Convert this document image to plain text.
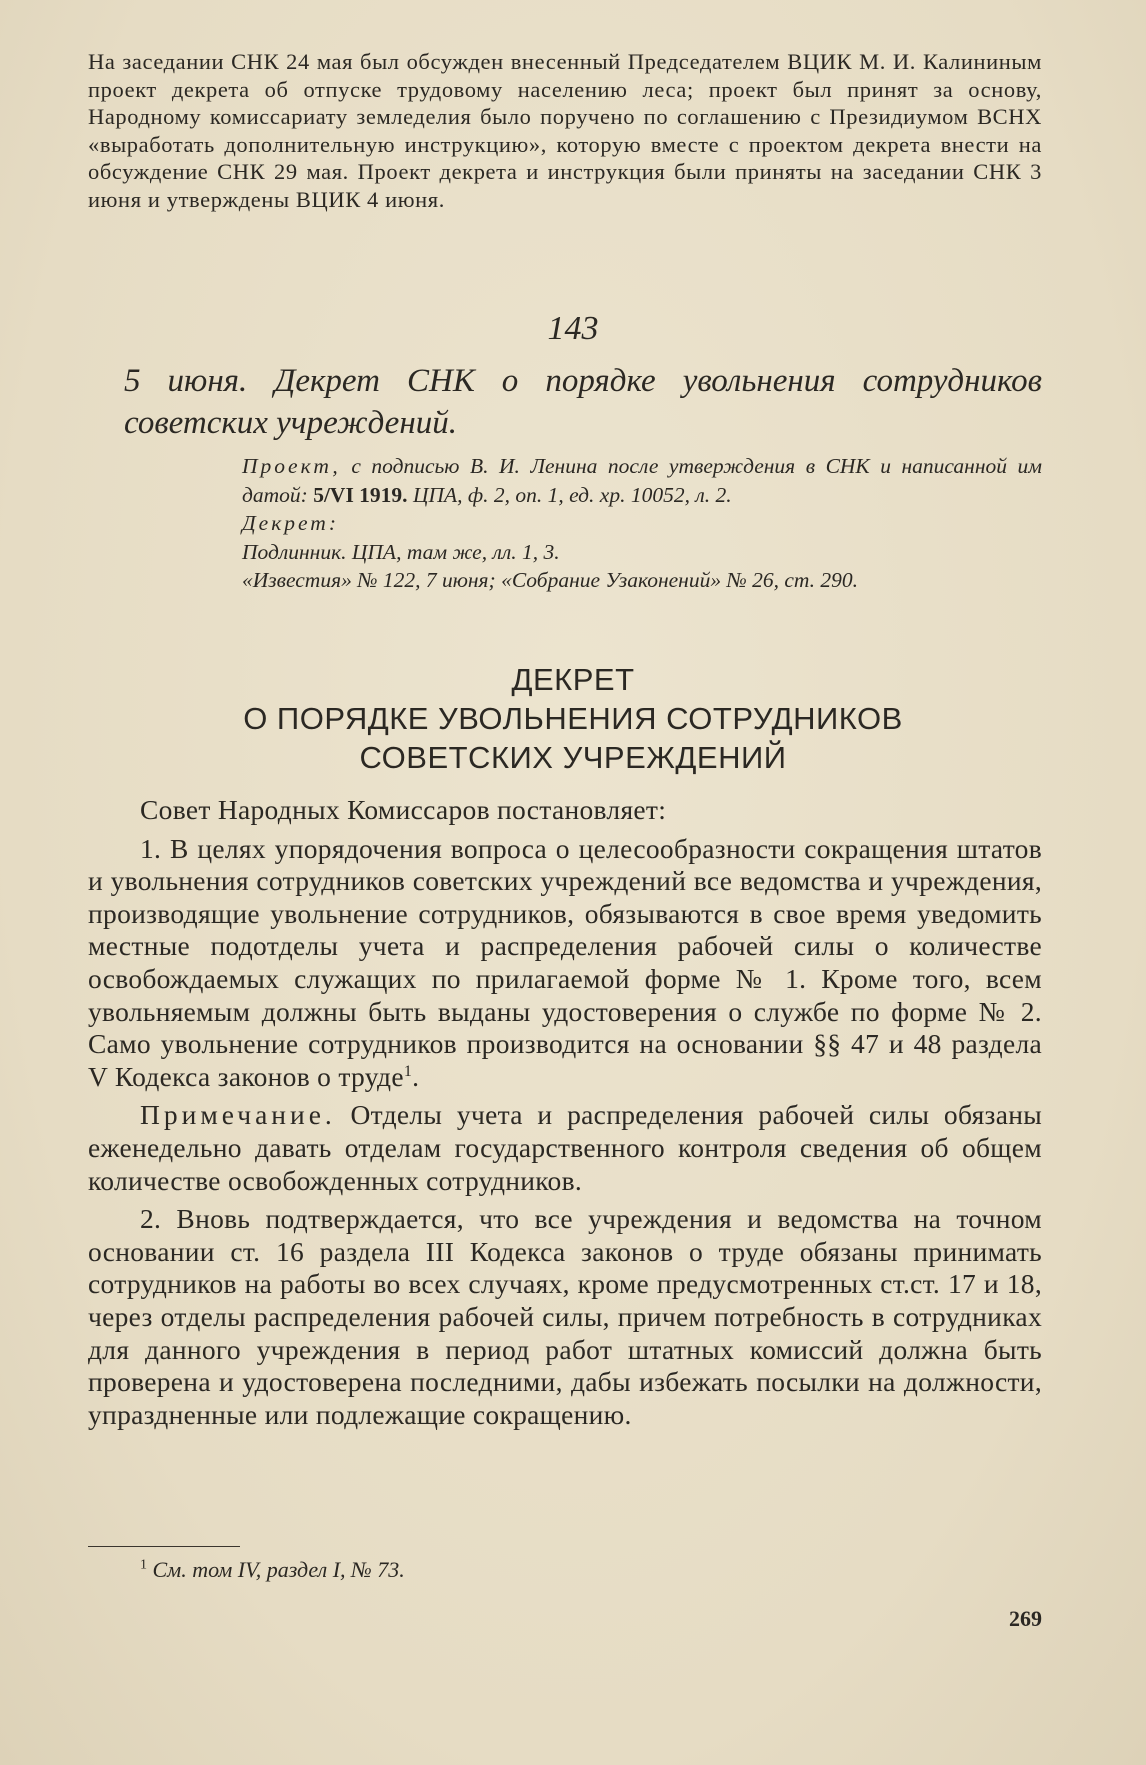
На заседании СНК 24 мая был обсужден внесенный Председателем ВЦИК М. И. Калининым проект декрета об отпуске трудовому населению леса; проект был принят за основу, Народному комиссариату земледелия было поручено по соглашению с Президиумом ВСНХ «выработать дополнительную инструкцию», которую вместе с проектом декрета внести на обсуждение СНК 29 мая. Проект декрета и инструкция были приняты на заседании СНК 3 июня и утверждены ВЦИК 4 июня.

143

5 июня. Декрет СНК о порядке увольнения сотрудников советских учреждений.

Проект, с подписью В. И. Ленина после утверждения в СНК и написанной им датой: 5/VI 1919. ЦПА, ф. 2, оп. 1, ед. хр. 10052, л. 2.

Декрет:

Подлинник. ЦПА, там же, лл. 1, 3.

«Известия» № 122, 7 июня; «Собрание Узаконений» № 26, ст. 290.

ДЕКРЕТ
О ПОРЯДКЕ УВОЛЬНЕНИЯ СОТРУДНИКОВ
СОВЕТСКИХ УЧРЕЖДЕНИЙ

Совет Народных Комиссаров постановляет:

1. В целях упорядочения вопроса о целесообразности сокращения штатов и увольнения сотрудников советских учреждений все ведомства и учреждения, производящие увольнение сотрудников, обязываются в свое время уведомить местные подотделы учета и распределения рабочей силы о количестве освобождаемых служащих по прилагаемой форме № 1. Кроме того, всем увольняемым должны быть выданы удостоверения о службе по форме № 2. Само увольнение сотрудников производится на основании §§ 47 и 48 раздела V Кодекса законов о труде$^1$.

Примечание. Отделы учета и распределения рабочей силы обязаны еженедельно давать отделам государственного контроля сведения об общем количестве освобожденных сотрудников.

2. Вновь подтверждается, что все учреждения и ведомства на точном основании ст. 16 раздела III Кодекса законов о труде обязаны принимать сотрудников на работы во всех случаях, кроме предусмотренных ст.ст. 17 и 18, через отделы распределения рабочей силы, причем потребность в сотрудниках для данного учреждения в период работ штатных комиссий должна быть проверена и удостоверена последними, дабы избежать посылки на должности, упраздненные или подлежащие сокращению.

$^1$ См. том IV, раздел I, № 73.

269
